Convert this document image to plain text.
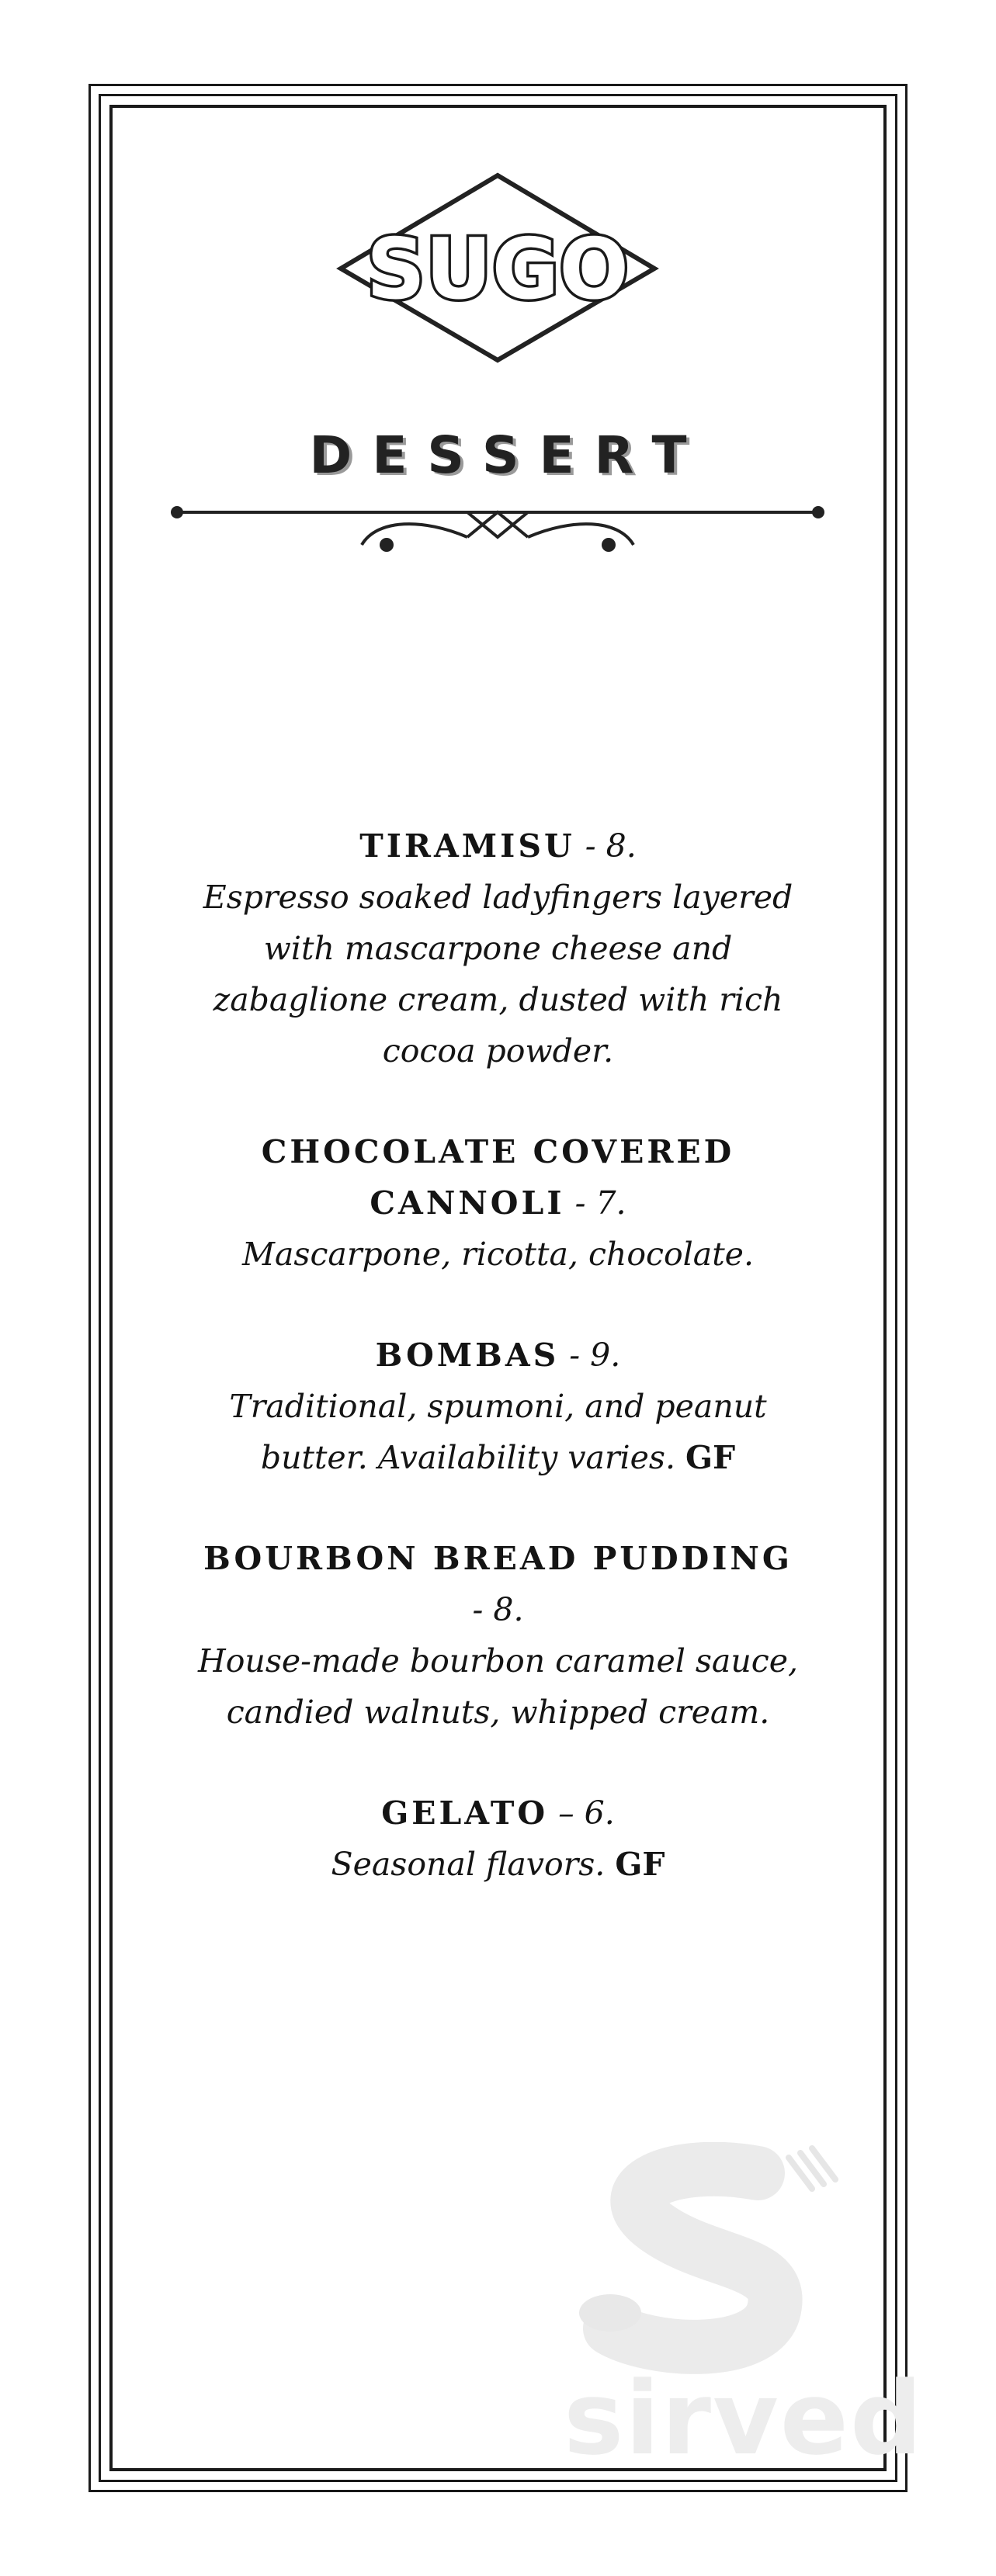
SUGO
DESSERT
TIRAMISU - 8.
Espresso soaked ladyfingers layered with mascarpone cheese and zabaglione cream, dusted with rich cocoa powder.
CHOCOLATE COVERED CANNOLI - 7.
Mascarpone, ricotta, chocolate.
BOMBAS - 9.
Traditional, spumoni, and peanut butter. Availability varies. GF
BOURBON BREAD PUDDING - 8.
House-made bourbon caramel sauce, candied walnuts, whipped cream.
GELATO – 6.
Seasonal flavors. GF
sirved
